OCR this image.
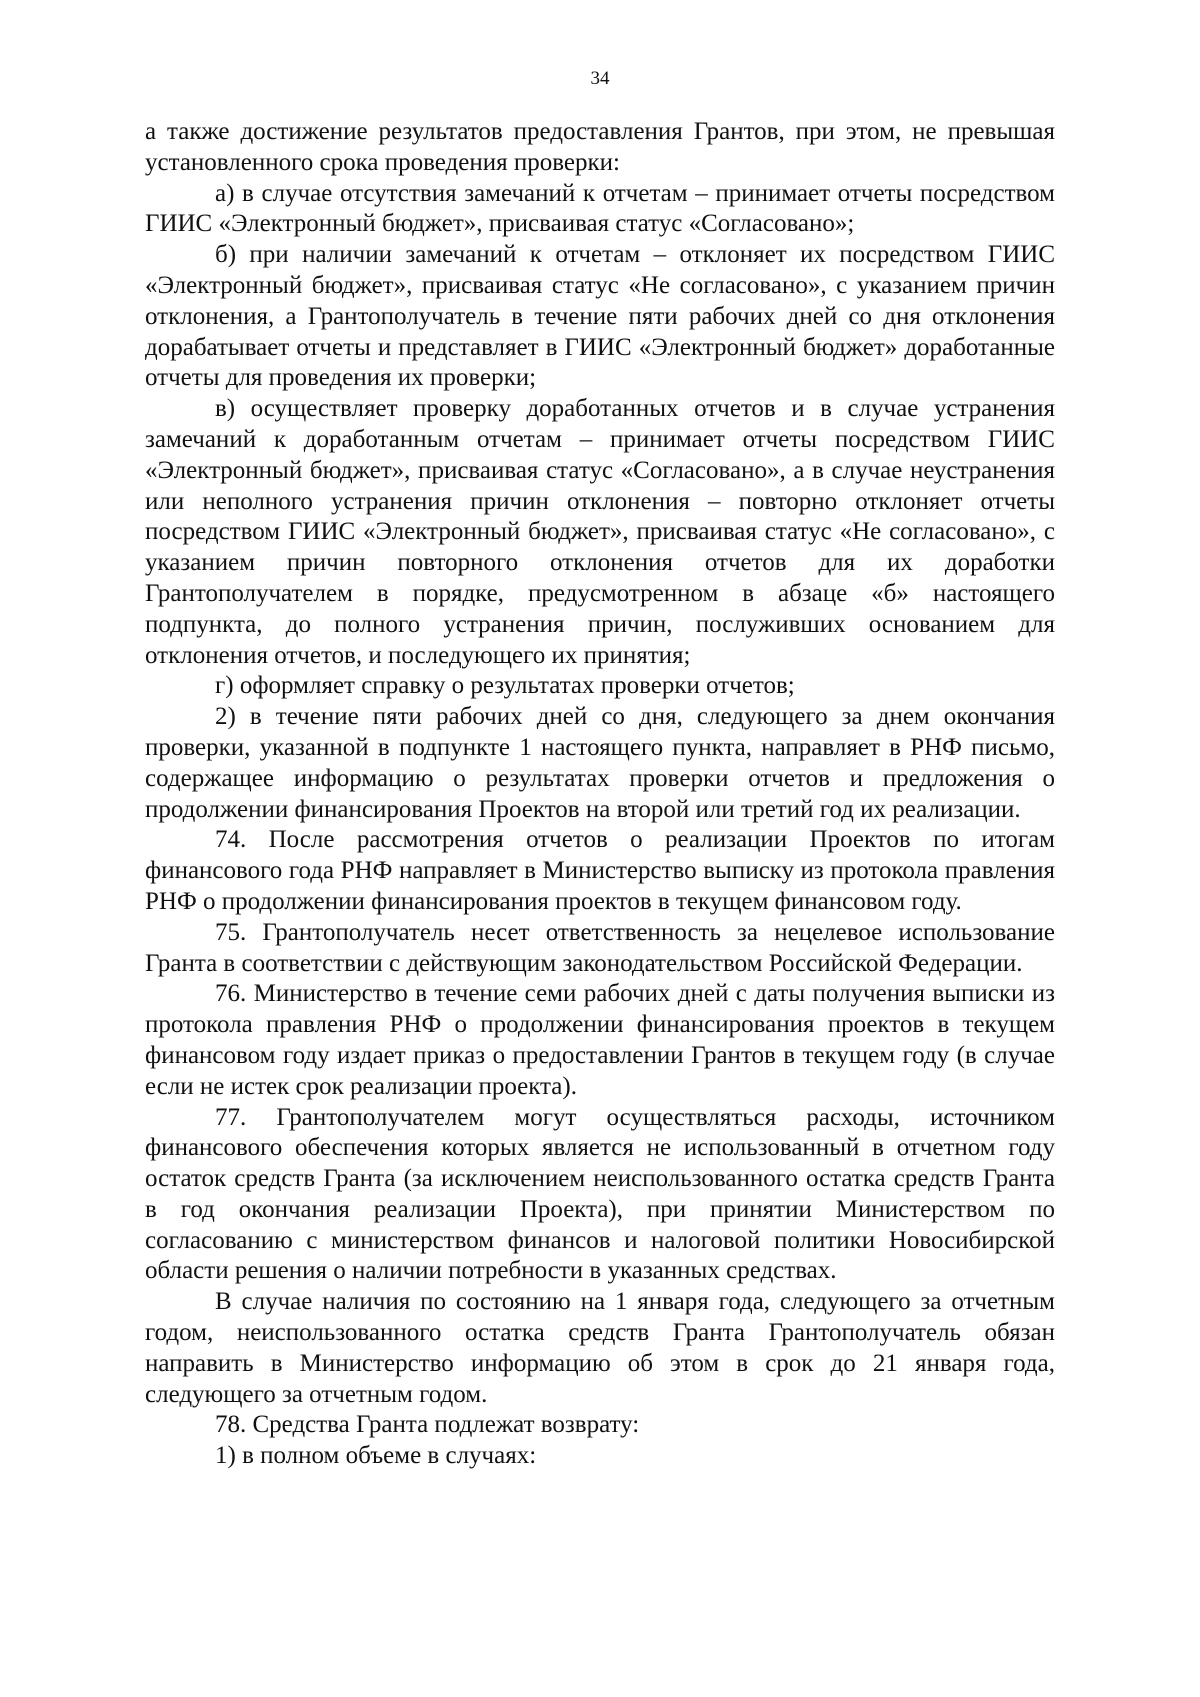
34

а также достижение результатов предоставления Грантов, при этом, не превышая установленного срока проведения проверки:

а) в случае отсутствия замечаний к отчетам – принимает отчеты посредством ГИИС «Электронный бюджет», присваивая статус «Согласовано»;

б) при наличии замечаний к отчетам – отклоняет их посредством ГИИС «Электронный бюджет», присваивая статус «Не согласовано», с указанием причин отклонения, а Грантополучатель в течение пяти рабочих дней со дня отклонения дорабатывает отчеты и представляет в ГИИС «Электронный бюджет» доработанные отчеты для проведения их проверки;

в) осуществляет проверку доработанных отчетов и в случае устранения замечаний к доработанным отчетам – принимает отчеты посредством ГИИС «Электронный бюджет», присваивая статус «Согласовано», а в случае неустранения или неполного устранения причин отклонения – повторно отклоняет отчеты посредством ГИИС «Электронный бюджет», присваивая статус «Не согласовано», с указанием причин повторного отклонения отчетов для их доработки Грантополучателем в порядке, предусмотренном в абзаце «б» настоящего подпункта, до полного устранения причин, послуживших основанием для отклонения отчетов, и последующего их принятия;

г) оформляет справку о результатах проверки отчетов;

2) в течение пяти рабочих дней со дня, следующего за днем окончания проверки, указанной в подпункте 1 настоящего пункта, направляет в РНФ письмо, содержащее информацию о результатах проверки отчетов и предложения о продолжении финансирования Проектов на второй или третий год их реализации.

74. После рассмотрения отчетов о реализации Проектов по итогам финансового года РНФ направляет в Министерство выписку из протокола правления РНФ о продолжении финансирования проектов в текущем финансовом году.

75. Грантополучатель несет ответственность за нецелевое использование Гранта в соответствии с действующим законодательством Российской Федерации.

76. Министерство в течение семи рабочих дней с даты получения выписки из протокола правления РНФ о продолжении финансирования проектов в текущем финансовом году издает приказ о предоставлении Грантов в текущем году (в случае если не истек срок реализации проекта).

77. Грантополучателем могут осуществляться расходы, источником финансового обеспечения которых является не использованный в отчетном году остаток средств Гранта (за исключением неиспользованного остатка средств Гранта в год окончания реализации Проекта), при принятии Министерством по согласованию с министерством финансов и налоговой политики Новосибирской области решения о наличии потребности в указанных средствах.

В случае наличия по состоянию на 1 января года, следующего за отчетным годом, неиспользованного остатка средств Гранта Грантополучатель обязан направить в Министерство информацию об этом в срок до 21 января года, следующего за отчетным годом.

78. Средства Гранта подлежат возврату:

1) в полном объеме в случаях:
